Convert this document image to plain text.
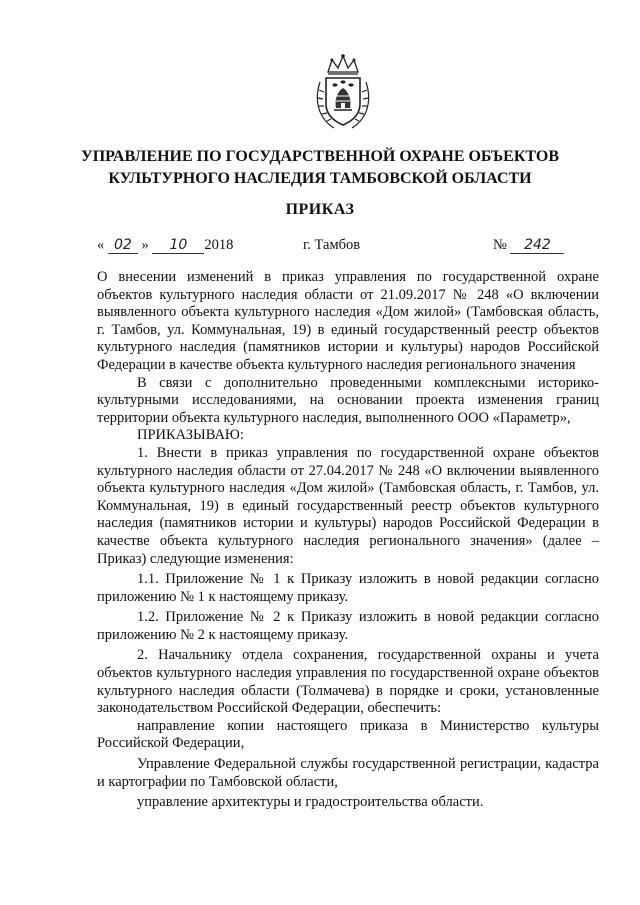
УПРАВЛЕНИЕ ПО ГОСУДАРСТВЕННОЙ ОХРАНЕ ОБЪЕКТОВ
КУЛЬТУРНОГО НАСЛЕДИЯ ТАМБОВСКОЙ ОБЛАСТИ
ПРИКАЗ
« 02 » 10 2018	г. Тамбов	№ 242

О внесении изменений в приказ управления по государственной охране объектов культурного наследия области от 21.09.2017 № 248 «О включении выявленного объекта культурного наследия «Дом жилой» (Тамбовская область, г. Тамбов, ул. Коммунальная, 19) в единый государственный реестр объектов культурного наследия (памятников истории и культуры) народов Российской Федерации в качестве объекта культурного наследия регионального значения

В связи с дополнительно проведенными комплексными историко-культурными исследованиями, на основании проекта изменения границ территории объекта культурного наследия, выполненного ООО «Параметр»,

ПРИКАЗЫВАЮ:

1. Внести в приказ управления по государственной охране объектов культурного наследия области от 27.04.2017 № 248 «О включении выявленного объекта культурного наследия «Дом жилой» (Тамбовская область, г. Тамбов, ул. Коммунальная, 19) в единый государственный реестр объектов культурного наследия (памятников истории и культуры) народов Российской Федерации в качестве объекта культурного наследия регионального значения» (далее – Приказ) следующие изменения:

1.1. Приложение № 1 к Приказу изложить в новой редакции согласно приложению № 1 к настоящему приказу.

1.2. Приложение № 2 к Приказу изложить в новой редакции согласно приложению № 2 к настоящему приказу.

2. Начальнику отдела сохранения, государственной охраны и учета объектов культурного наследия управления по государственной охране объектов культурного наследия области (Толмачева) в порядке и сроки, установленные законодательством Российской Федерации, обеспечить:

направление копии настоящего приказа в Министерство культуры Российской Федерации,

Управление Федеральной службы государственной регистрации, кадастра и картографии по Тамбовской области,

управление архитектуры и градостроительства области.
